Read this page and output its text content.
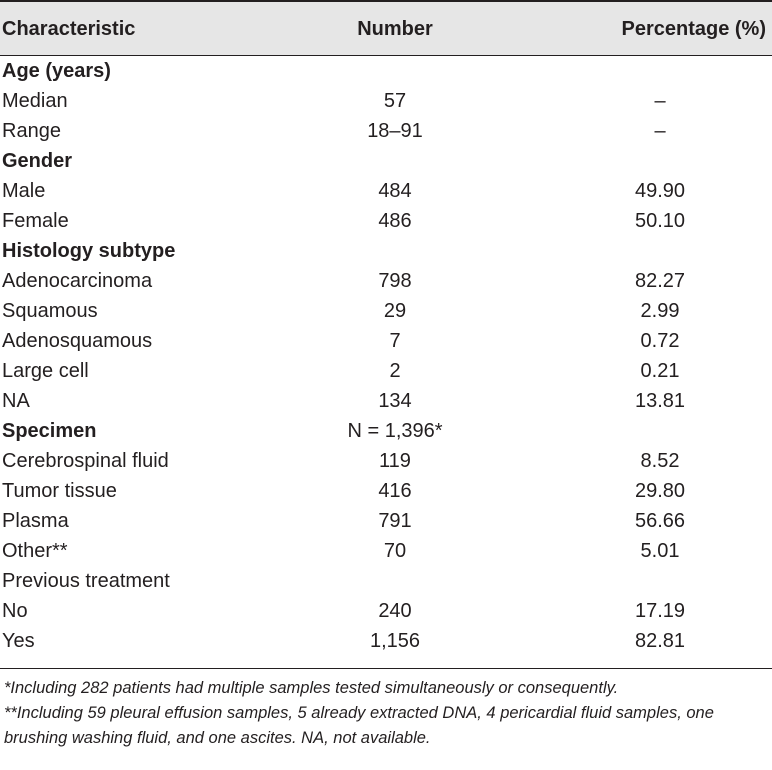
Characteristic	Number	Percentage (%)
Age (years)
Median	57	–
Range	18–91	–
Gender
Male	484	49.90
Female	486	50.10
Histology subtype
Adenocarcinoma	798	82.27
Squamous	29	2.99
Adenosquamous	7	0.72
Large cell	2	0.21
NA	134	13.81
Specimen	N = 1,396*
Cerebrospinal fluid	119	8.52
Tumor tissue	416	29.80
Plasma	791	56.66
Other**	70	5.01
Previous treatment
No	240	17.19
Yes	1,156	82.81
*Including 282 patients had multiple samples tested simultaneously or consequently.
**Including 59 pleural effusion samples, 5 already extracted DNA, 4 pericardial fluid samples, one brushing washing fluid, and one ascites. NA, not available.
